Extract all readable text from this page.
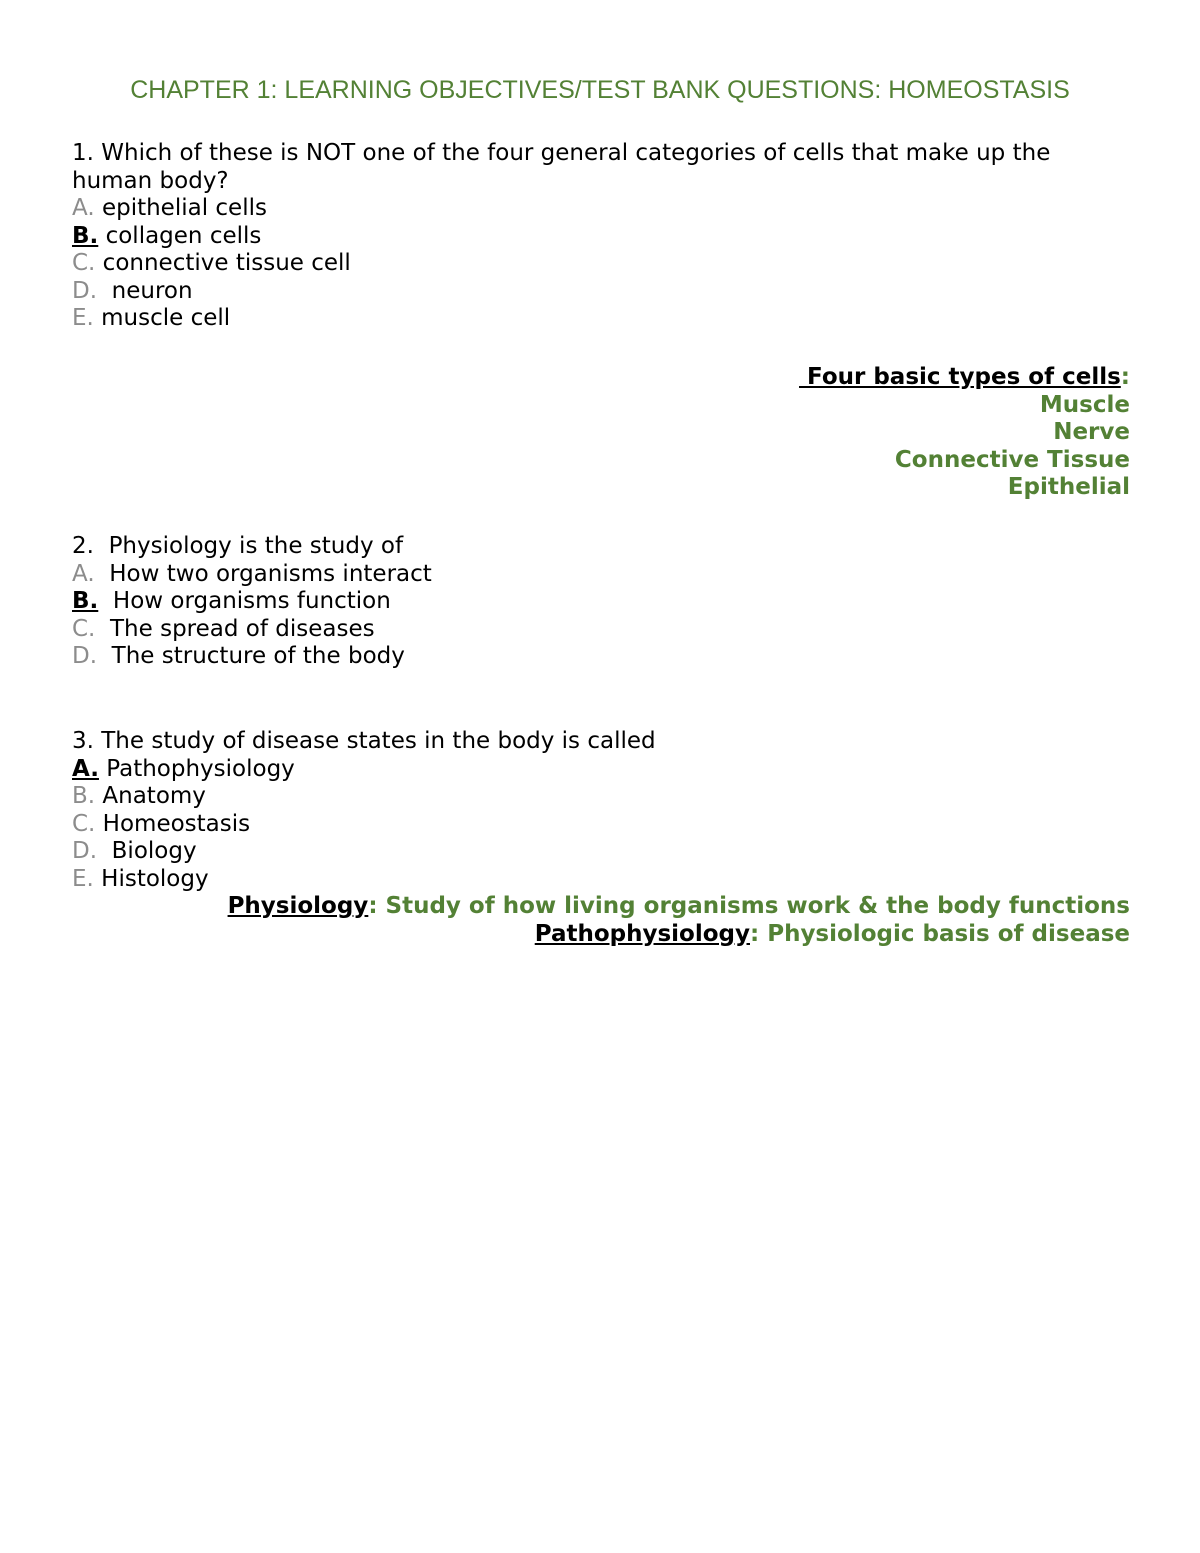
CHAPTER 1: LEARNING OBJECTIVES/TEST BANK QUESTIONS: HOMEOSTASIS
1. Which of these is NOT one of the four general categories of cells that make up the
human body?
A. epithelial cells
B. collagen cells
C. connective tissue cell
D.  neuron
E. muscle cell
Four basic types of cells:
Muscle
Nerve
Connective Tissue
Epithelial
2.  Physiology is the study of
A.  How two organisms interact
B.  How organisms function
C.  The spread of diseases
D.  The structure of the body
3. The study of disease states in the body is called
A. Pathophysiology
B. Anatomy
C. Homeostasis
D.  Biology
E. Histology
Physiology: Study of how living organisms work & the body functions
Pathophysiology: Physiologic basis of disease
